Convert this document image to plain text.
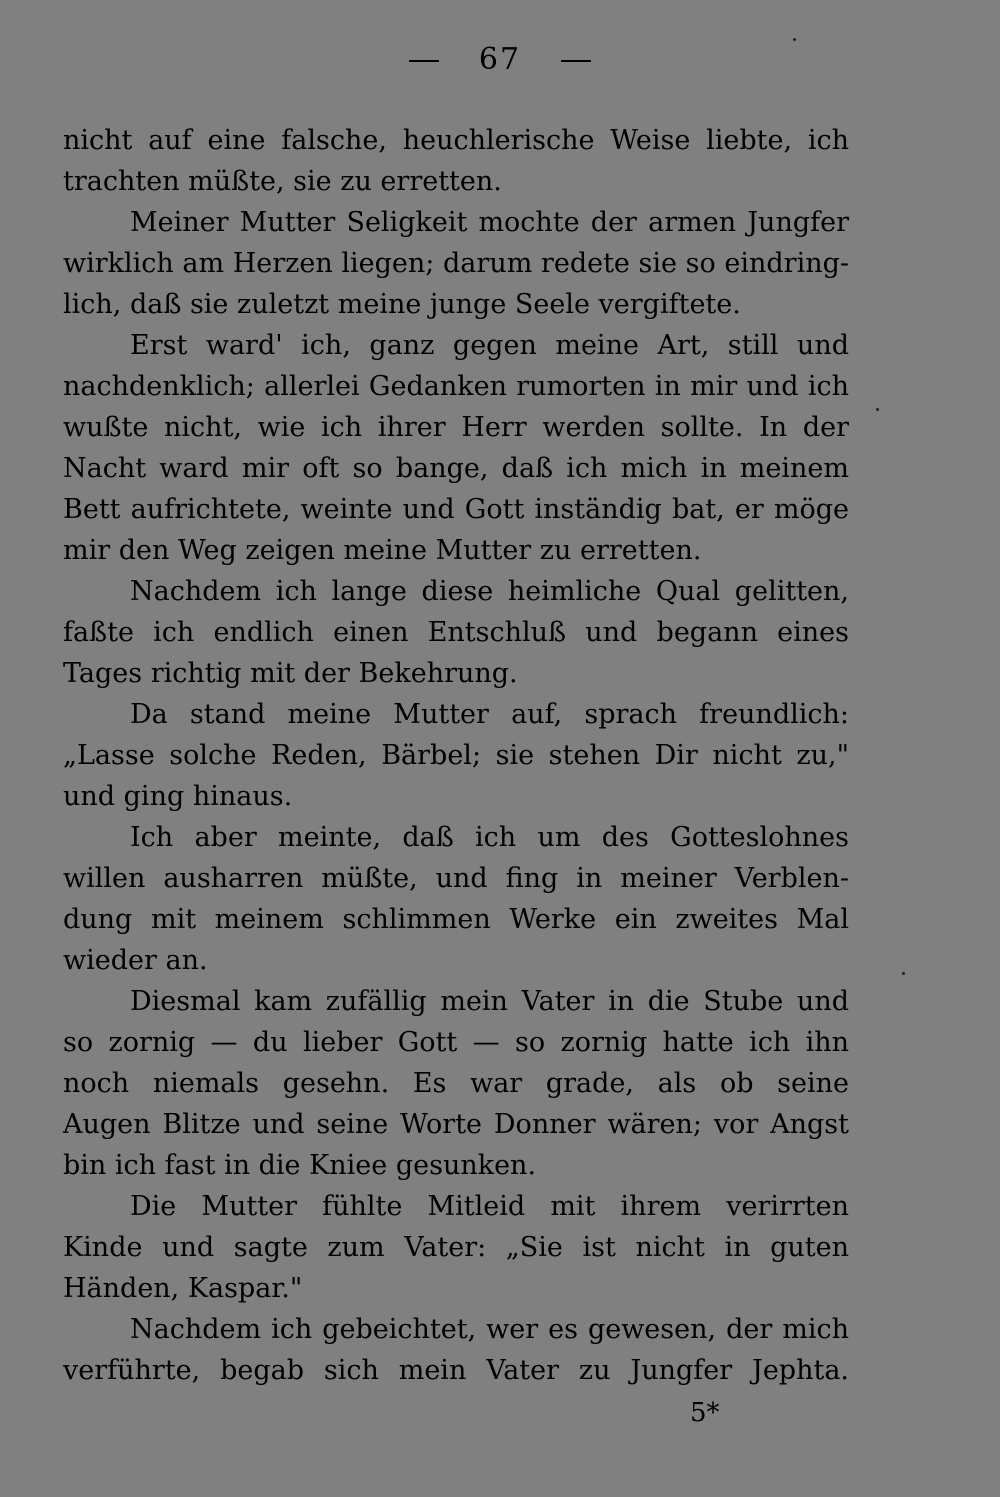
67
nicht auf eine falsche, heuchlerische Weise liebte, ich
trachten müßte, sie zu erretten.
Meiner Mutter Seligkeit mochte der armen Jungfer
wirklich am Herzen liegen; darum redete sie so eindring-
lich, daß sie zuletzt meine junge Seele vergiftete.
Erst ward' ich, ganz gegen meine Art, still und
nachdenklich; allerlei Gedanken rumorten in mir und ich
wußte nicht, wie ich ihrer Herr werden sollte. In der
Nacht ward mir oft so bange, daß ich mich in meinem
Bett aufrichtete, weinte und Gott inständig bat, er möge
mir den Weg zeigen meine Mutter zu erretten.
Nachdem ich lange diese heimliche Qual gelitten,
faßte ich endlich einen Entschluß und begann eines
Tages richtig mit der Bekehrung.
Da stand meine Mutter auf, sprach freundlich:
„Lasse solche Reden, Bärbel; sie stehen Dir nicht zu,"
und ging hinaus.
Ich aber meinte, daß ich um des Gotteslohnes
willen ausharren müßte, und fing in meiner Verblen-
dung mit meinem schlimmen Werke ein zweites Mal
wieder an.
Diesmal kam zufällig mein Vater in die Stube und
so zornig — du lieber Gott — so zornig hatte ich ihn
noch niemals gesehn. Es war grade, als ob seine
Augen Blitze und seine Worte Donner wären; vor Angst
bin ich fast in die Kniee gesunken.
Die Mutter fühlte Mitleid mit ihrem verirrten
Kinde und sagte zum Vater: „Sie ist nicht in guten
Händen, Kaspar."
Nachdem ich gebeichtet, wer es gewesen, der mich
verführte, begab sich mein Vater zu Jungfer Jephta.
5*
